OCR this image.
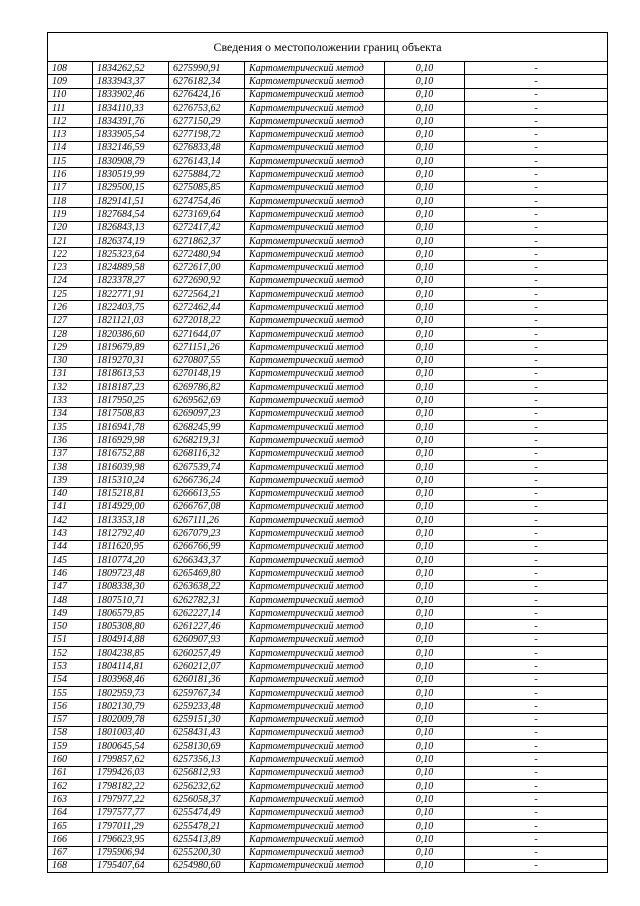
Сведения о местоположении границ объекта					
108	1834262,52	6275990,91	Картометрический метод	0,10	-
109	1833943,37	6276182,34	Картометрический метод	0,10	-
110	1833902,46	6276424,16	Картометрический метод	0,10	-
111	1834110,33	6276753,62	Картометрический метод	0,10	-
112	1834391,76	6277150,29	Картометрический метод	0,10	-
113	1833905,54	6277198,72	Картометрический метод	0,10	-
114	1832146,59	6276833,48	Картометрический метод	0,10	-
115	1830908,79	6276143,14	Картометрический метод	0,10	-
116	1830519,99	6275884,72	Картометрический метод	0,10	-
117	1829500,15	6275085,85	Картометрический метод	0,10	-
118	1829141,51	6274754,46	Картометрический метод	0,10	-
119	1827684,54	6273169,64	Картометрический метод	0,10	-
120	1826843,13	6272417,42	Картометрический метод	0,10	-
121	1826374,19	6271862,37	Картометрический метод	0,10	-
122	1825323,64	6272480,94	Картометрический метод	0,10	-
123	1824889,58	6272617,00	Картометрический метод	0,10	-
124	1823378,27	6272690,92	Картометрический метод	0,10	-
125	1822771,91	6272564,21	Картометрический метод	0,10	-
126	1822403,75	6272462,44	Картометрический метод	0,10	-
127	1821121,03	6272018,22	Картометрический метод	0,10	-
128	1820386,60	6271644,07	Картометрический метод	0,10	-
129	1819679,89	6271151,26	Картометрический метод	0,10	-
130	1819270,31	6270807,55	Картометрический метод	0,10	-
131	1818613,53	6270148,19	Картометрический метод	0,10	-
132	1818187,23	6269786,82	Картометрический метод	0,10	-
133	1817950,25	6269562,69	Картометрический метод	0,10	-
134	1817508,83	6269097,23	Картометрический метод	0,10	-
135	1816941,78	6268245,99	Картометрический метод	0,10	-
136	1816929,98	6268219,31	Картометрический метод	0,10	-
137	1816752,88	6268116,32	Картометрический метод	0,10	-
138	1816039,98	6267539,74	Картометрический метод	0,10	-
139	1815310,24	6266736,24	Картометрический метод	0,10	-
140	1815218,81	6266613,55	Картометрический метод	0,10	-
141	1814929,00	6266767,08	Картометрический метод	0,10	-
142	1813353,18	6267111,26	Картометрический метод	0,10	-
143	1812792,40	6267079,23	Картометрический метод	0,10	-
144	1811620,95	6266766,99	Картометрический метод	0,10	-
145	1810774,20	6266343,37	Картометрический метод	0,10	-
146	1809723,48	6265469,80	Картометрический метод	0,10	-
147	1808338,30	6263638,22	Картометрический метод	0,10	-
148	1807510,71	6262782,31	Картометрический метод	0,10	-
149	1806579,85	6262227,14	Картометрический метод	0,10	-
150	1805308,80	6261227,46	Картометрический метод	0,10	-
151	1804914,88	6260907,93	Картометрический метод	0,10	-
152	1804238,85	6260257,49	Картометрический метод	0,10	-
153	1804114,81	6260212,07	Картометрический метод	0,10	-
154	1803968,46	6260181,36	Картометрический метод	0,10	-
155	1802959,73	6259767,34	Картометрический метод	0,10	-
156	1802130,79	6259233,48	Картометрический метод	0,10	-
157	1802009,78	6259151,30	Картометрический метод	0,10	-
158	1801003,40	6258431,43	Картометрический метод	0,10	-
159	1800645,54	6258130,69	Картометрический метод	0,10	-
160	1799857,62	6257356,13	Картометрический метод	0,10	-
161	1799426,03	6256812,93	Картометрический метод	0,10	-
162	1798182,22	6256232,62	Картометрический метод	0,10	-
163	1797977,22	6256058,37	Картометрический метод	0,10	-
164	1797577,77	6255474,49	Картометрический метод	0,10	-
165	1797011,29	6255478,21	Картометрический метод	0,10	-
166	1796623,95	6255413,89	Картометрический метод	0,10	-
167	1795906,94	6255200,30	Картометрический метод	0,10	-
168	1795407,64	6254980,60	Картометрический метод	0,10	-
